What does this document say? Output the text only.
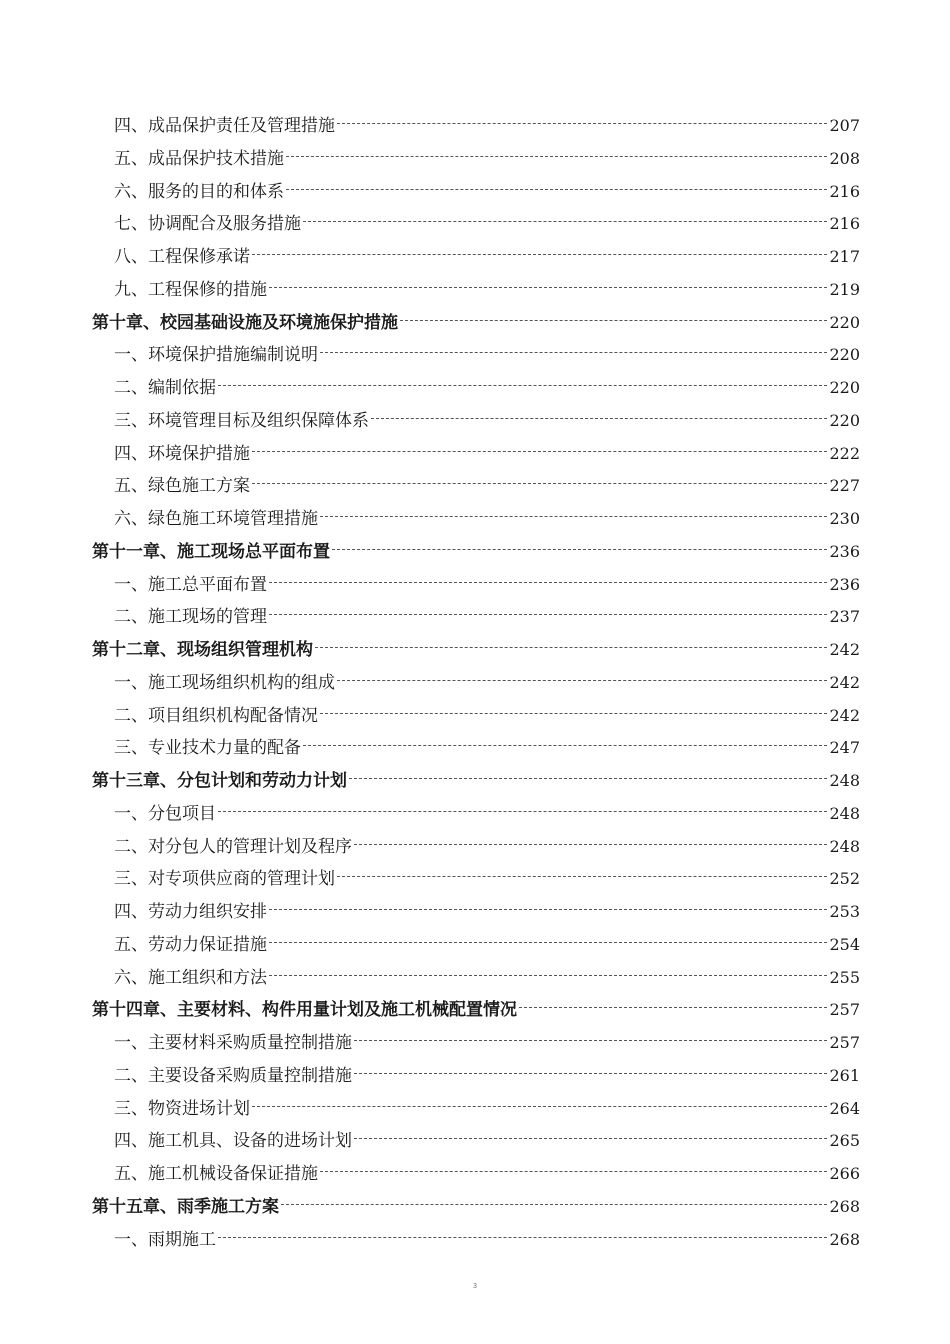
四、成品保护责任及管理措施	207
五、成品保护技术措施	208
六、服务的目的和体系	216
七、协调配合及服务措施	216
八、工程保修承诺	217
九、工程保修的措施	219
第十章、校园基础设施及环境施保护措施	220
一、环境保护措施编制说明	220
二、编制依据	220
三、环境管理目标及组织保障体系	220
四、环境保护措施	222
五、绿色施工方案	227
六、绿色施工环境管理措施	230
第十一章、施工现场总平面布置	236
一、施工总平面布置	236
二、施工现场的管理	237
第十二章、现场组织管理机构	242
一、施工现场组织机构的组成	242
二、项目组织机构配备情况	242
三、专业技术力量的配备	247
第十三章、分包计划和劳动力计划	248
一、分包项目	248
二、对分包人的管理计划及程序	248
三、对专项供应商的管理计划	252
四、劳动力组织安排	253
五、劳动力保证措施	254
六、施工组织和方法	255
第十四章、主要材料、构件用量计划及施工机械配置情况	257
一、主要材料采购质量控制措施	257
二、主要设备采购质量控制措施	261
三、物资进场计划	264
四、施工机具、设备的进场计划	265
五、施工机械设备保证措施	266
第十五章、雨季施工方案	268
一、雨期施工	268
3
